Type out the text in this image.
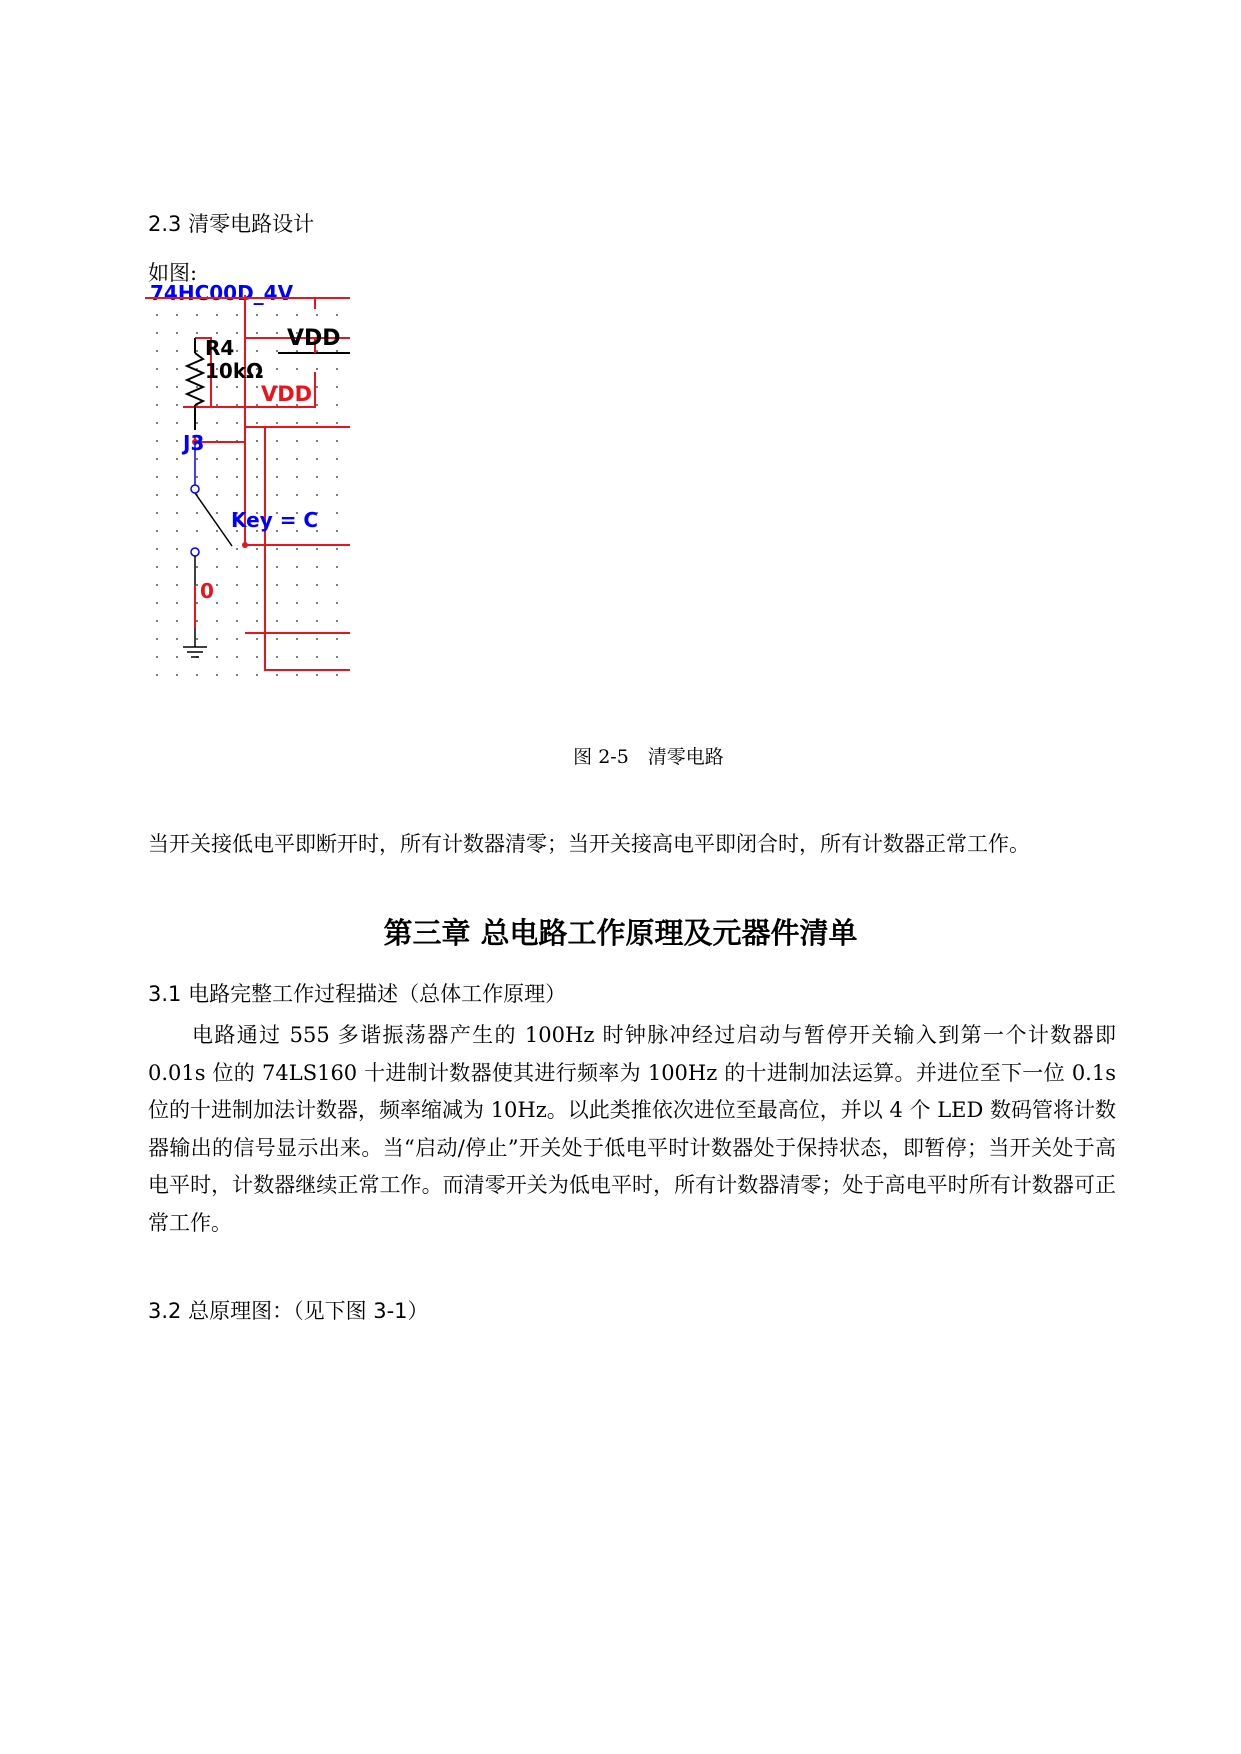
2.3 清零电路设计
如图:
74HC00D_4V
VDD
R4
10kΩ
VDD
J3
Key = C
0
图 2-5　清零电路
当开关接低电平即断开时，所有计数器清零；当开关接高电平即闭合时，所有计数器正常工作。
第三章 总电路工作原理及元器件清单
3.1 电路完整工作过程描述（总体工作原理）
电路通过 555 多谐振荡器产生的 100Hz 时钟脉冲经过启动与暂停开关输入到第一个计数器即 0.01s 位的 74LS160 十进制计数器使其进行频率为 100Hz 的十进制加法运算。并进位至下一位 0.1s 位的十进制加法计数器，频率缩减为 10Hz。以此类推依次进位至最高位，并以 4 个 LED 数码管将计数器输出的信号显示出来。当“启动/停止”开关处于低电平时计数器处于保持状态，即暂停；当开关处于高电平时，计数器继续正常工作。而清零开关为低电平时，所有计数器清零；处于高电平时所有计数器可正常工作。
3.2 总原理图：（见下图 3-1）
